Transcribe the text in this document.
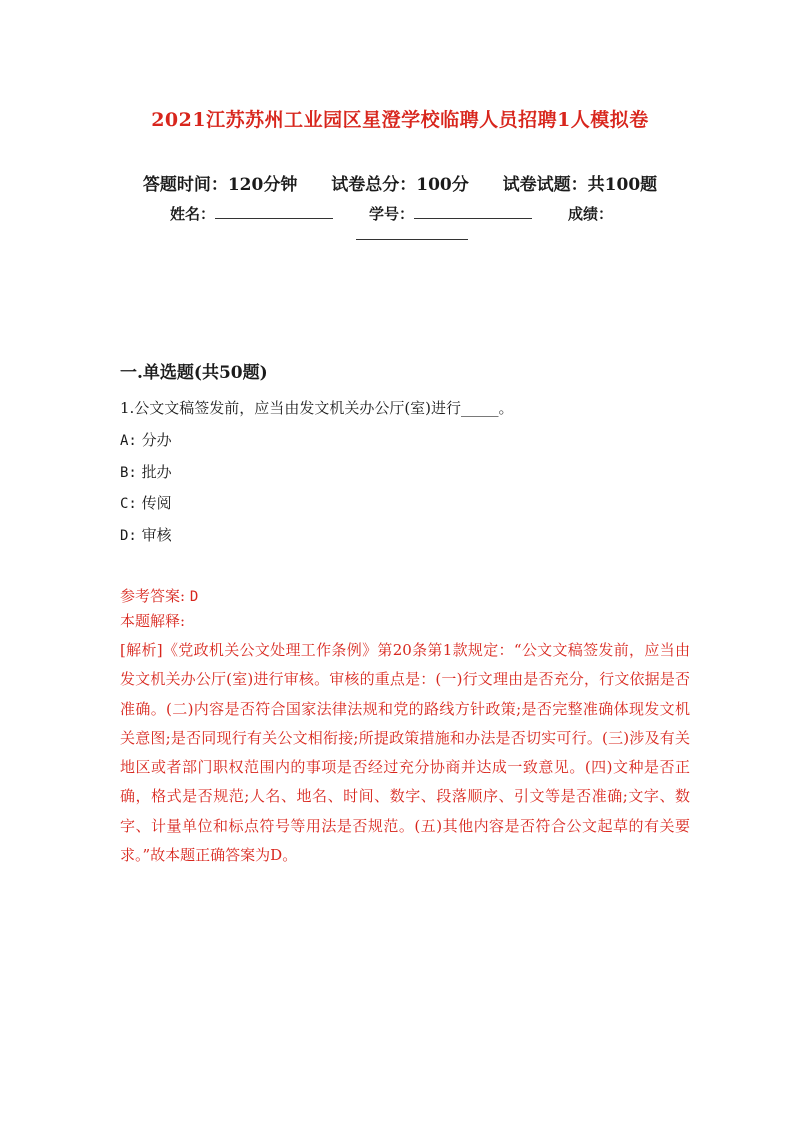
2021江苏苏州工业园区星澄学校临聘人员招聘1人模拟卷
答题时间：120分钟 试卷总分：100分 试卷试题：共100题
姓名：	学号：	成绩：
一.单选题(共50题)
1.公文文稿签发前，应当由发文机关办公厅(室)进行_____。
A: 分办
B: 批办
C: 传阅
D: 审核
参考答案: D
本题解释:
[解析]《党政机关公文处理工作条例》第20条第1款规定：“公文文稿签发前，应当由发文机关办公厅(室)进行审核。审核的重点是：(一)行文理由是否充分，行文依据是否准确。(二)内容是否符合国家法律法规和党的路线方针政策;是否完整准确体现发文机关意图;是否同现行有关公文相衔接;所提政策措施和办法是否切实可行。(三)涉及有关地区或者部门职权范围内的事项是否经过充分协商并达成一致意见。(四)文种是否正确，格式是否规范;人名、地名、时间、数字、段落顺序、引文等是否准确;文字、数字、计量单位和标点符号等用法是否规范。(五)其他内容是否符合公文起草的有关要求。”故本题正确答案为D。
